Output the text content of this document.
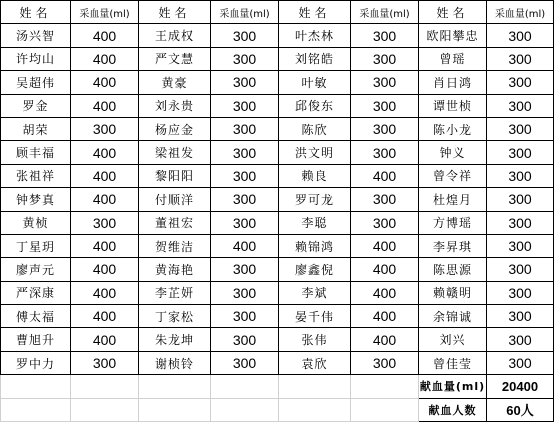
姓名	采血量(ml)	姓名	采血量(ml)	姓名	采血量(ml)	姓名	采血量(ml)
汤兴智	400	王成权	300	叶杰林	300	欧阳攀忠	300
许均山	400	严文慧	300	刘铭皓	300	曾瑶	300
吴超伟	400	黄豪	300	叶敏	300	肖日鸿	300
罗金	400	刘永贵	300	邱俊东	300	谭世桢	300
胡荣	300	杨应金	300	陈欣	300	陈小龙	300
顾丰福	400	梁祖发	300	洪文明	300	钟义	300
张祖祥	400	黎阳阳	300	赖良	400	曾令祥	300
钟梦真	400	付顺洋	300	罗可龙	300	杜煌月	300
黄桢	300	董祖宏	300	李聪	300	方博瑶	300
丁星玥	400	贺维洁	400	赖锦鸿	400	李昇琪	300
廖声元	400	黄海艳	300	廖鑫倪	400	陈思源	300
严深康	400	李芷妍	300	李斌	400	赖赣明	300
傅太福	400	丁家松	300	晏千伟	400	余锦诚	300
曹旭升	400	朱龙坤	300	张伟	400	刘兴	300
罗中力	300	谢桢铃	300	袁欣	300	曾佳莹	300
						献血量(ml)	20400
						献血人数	60人
